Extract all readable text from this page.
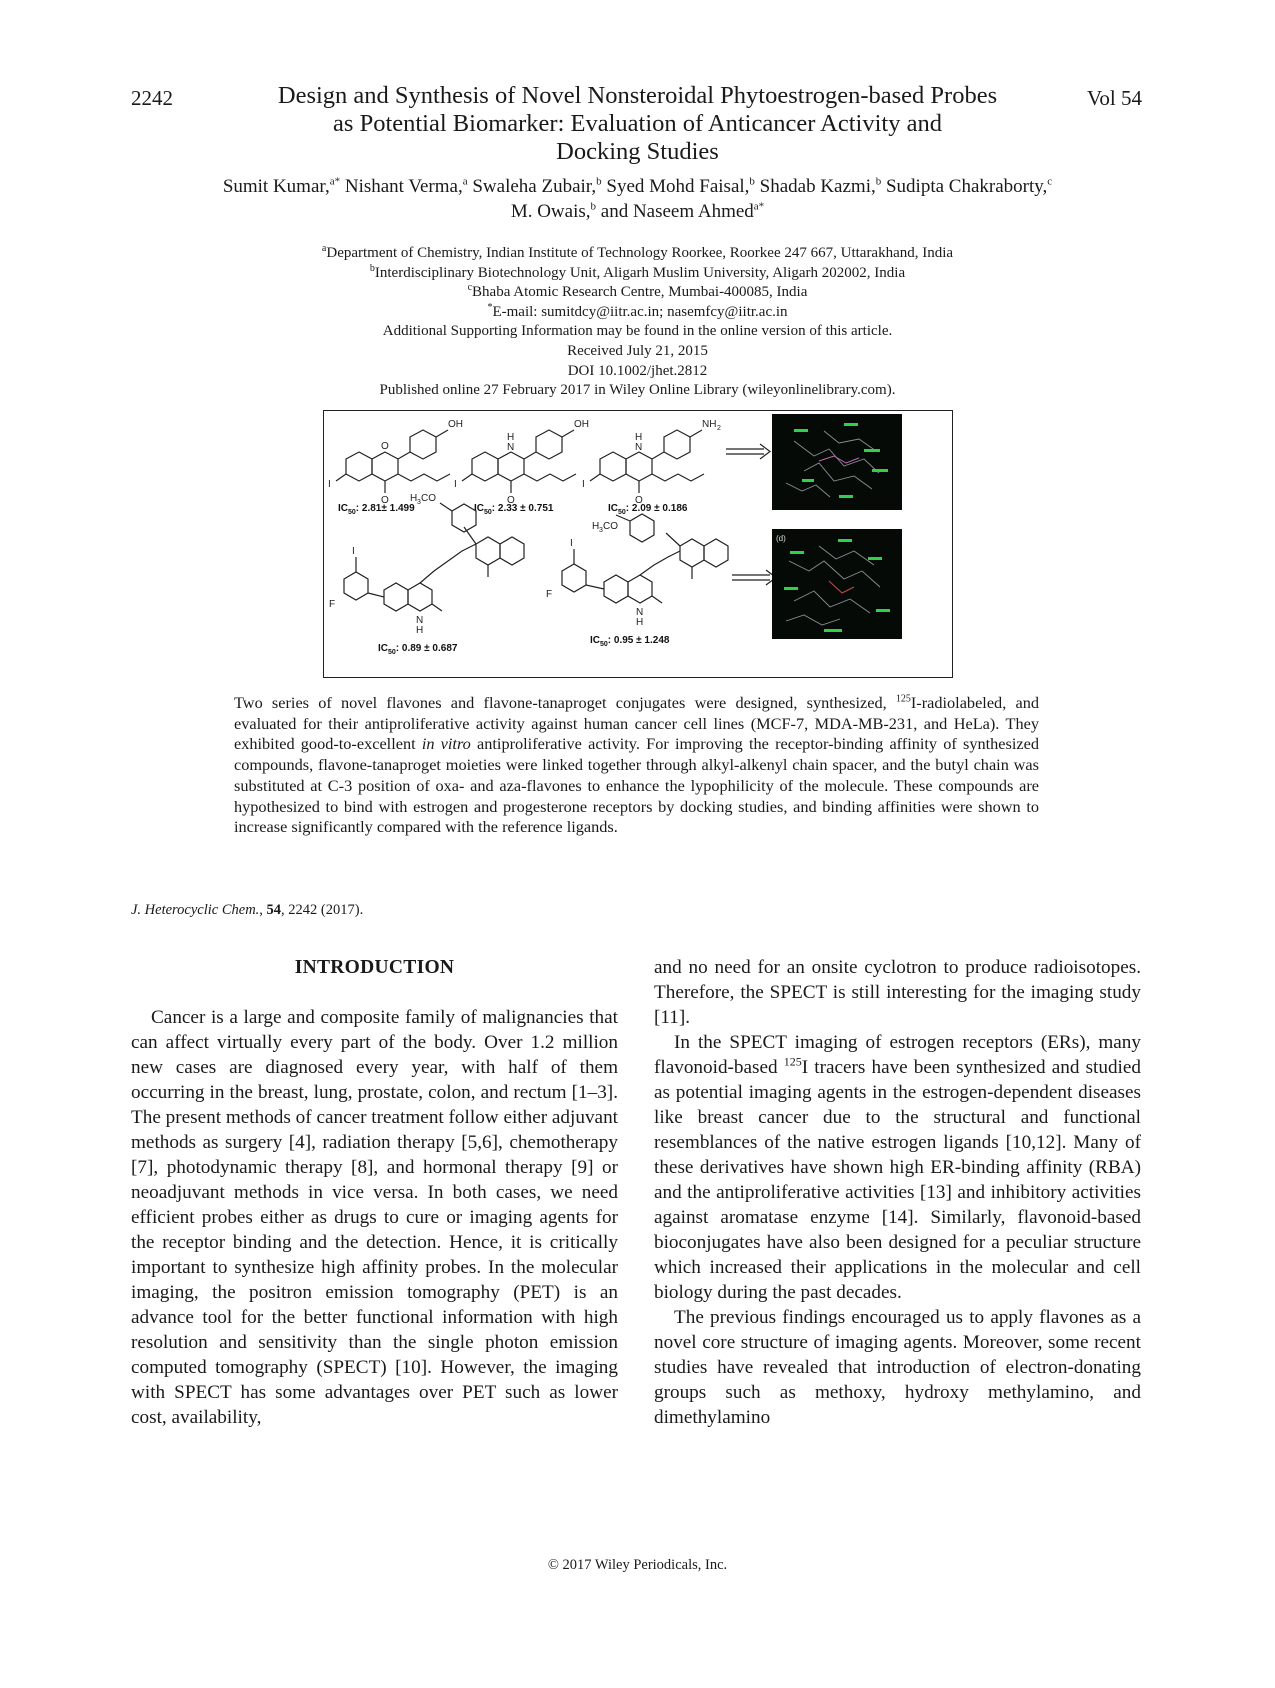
2242	Vol 54
Design and Synthesis of Novel Nonsteroidal Phytoestrogen-based Probes
as Potential Biomarker: Evaluation of Anticancer Activity and
Docking Studies
Sumit Kumar,$^{a*}$ Nishant Verma,$^a$ Swaleha Zubair,$^b$ Syed Mohd Faisal,$^b$ Shadab Kazmi,$^b$ Sudipta Chakraborty,$^c$
M. Owais,$^b$ and Naseem Ahmed$^{a*}$
$^a$Department of Chemistry, Indian Institute of Technology Roorkee, Roorkee 247 667, Uttarakhand, India
$^b$Interdisciplinary Biotechnology Unit, Aligarh Muslim University, Aligarh 202002, India
$^c$Bhaba Atomic Research Centre, Mumbai-400085, India
*E-mail: sumitdcy@iitr.ac.in; nasemfcy@iitr.ac.in
Additional Supporting Information may be found in the online version of this article.
Received July 21, 2015
DOI 10.1002/jhet.2812
Published online 27 February 2017 in Wiley Online Library (wileyonlinelibrary.com).
OH	OH	NH 2
O
H
N
H
N
I	I	I
O	O	O
I
I
F
F
H 3 CO
H 3 CO
N
H
N
H
$IC_{50}$: 2.81± 1.499	$IC_{50}$: 2.33 ± 0.751	$IC_{50}$: 2.09 ± 0.186
$IC_{50}$: 0.89 ± 0.687
$IC_{50}$: 0.95 ± 1.248
(d)
Two series of novel flavones and flavone-tanaproget conjugates were designed, synthesized, $^{125}$I-radiolabeled, and evaluated for their antiproliferative activity against human cancer cell lines (MCF-7, MDA-MB-231, and HeLa). They exhibited good-to-excellent in vitro antiproliferative activity. For improving the receptor-binding affinity of synthesized compounds, flavone-tanaproget moieties were linked together through alkyl-alkenyl chain spacer, and the butyl chain was substituted at C-3 position of oxa- and aza-flavones to enhance the lypophilicity of the molecule. These compounds are hypothesized to bind with estrogen and progesterone receptors by docking studies, and binding affinities were shown to increase significantly compared with the reference ligands.
J. Heterocyclic Chem., 54, 2242 (2017).
INTRODUCTION

Cancer is a large and composite family of malignancies that can affect virtually every part of the body. Over 1.2 million new cases are diagnosed every year, with half of them occurring in the breast, lung, prostate, colon, and rectum [1–3]. The present methods of cancer treatment follow either adjuvant methods as surgery [4], radiation therapy [5,6], chemotherapy [7], photodynamic therapy [8], and hormonal therapy [9] or neoadjuvant methods in vice versa. In both cases, we need efficient probes either as drugs to cure or imaging agents for the receptor binding and the detection. Hence, it is critically important to synthesize high affinity probes. In the molecular imaging, the positron emission tomography (PET) is an advance tool for the better functional information with high resolution and sensitivity than the single photon emission computed tomography (SPECT) [10]. However, the imaging with SPECT has some advantages over PET such as lower cost, availability,

and no need for an onsite cyclotron to produce radioisotopes. Therefore, the SPECT is still interesting for the imaging study [11].

In the SPECT imaging of estrogen receptors (ERs), many flavonoid-based $^{125}$I tracers have been synthesized and studied as potential imaging agents in the estrogen-dependent diseases like breast cancer due to the structural and functional resemblances of the native estrogen ligands [10,12]. Many of these derivatives have shown high ER-binding affinity (RBA) and the antiproliferative activities [13] and inhibitory activities against aromatase enzyme [14]. Similarly, flavonoid-based bioconjugates have also been designed for a peculiar structure which increased their applications in the molecular and cell biology during the past decades.

The previous findings encouraged us to apply flavones as a novel core structure of imaging agents. Moreover, some recent studies have revealed that introduction of electron-donating groups such as methoxy, hydroxy methylamino, and dimethylamino

© 2017 Wiley Periodicals, Inc.
